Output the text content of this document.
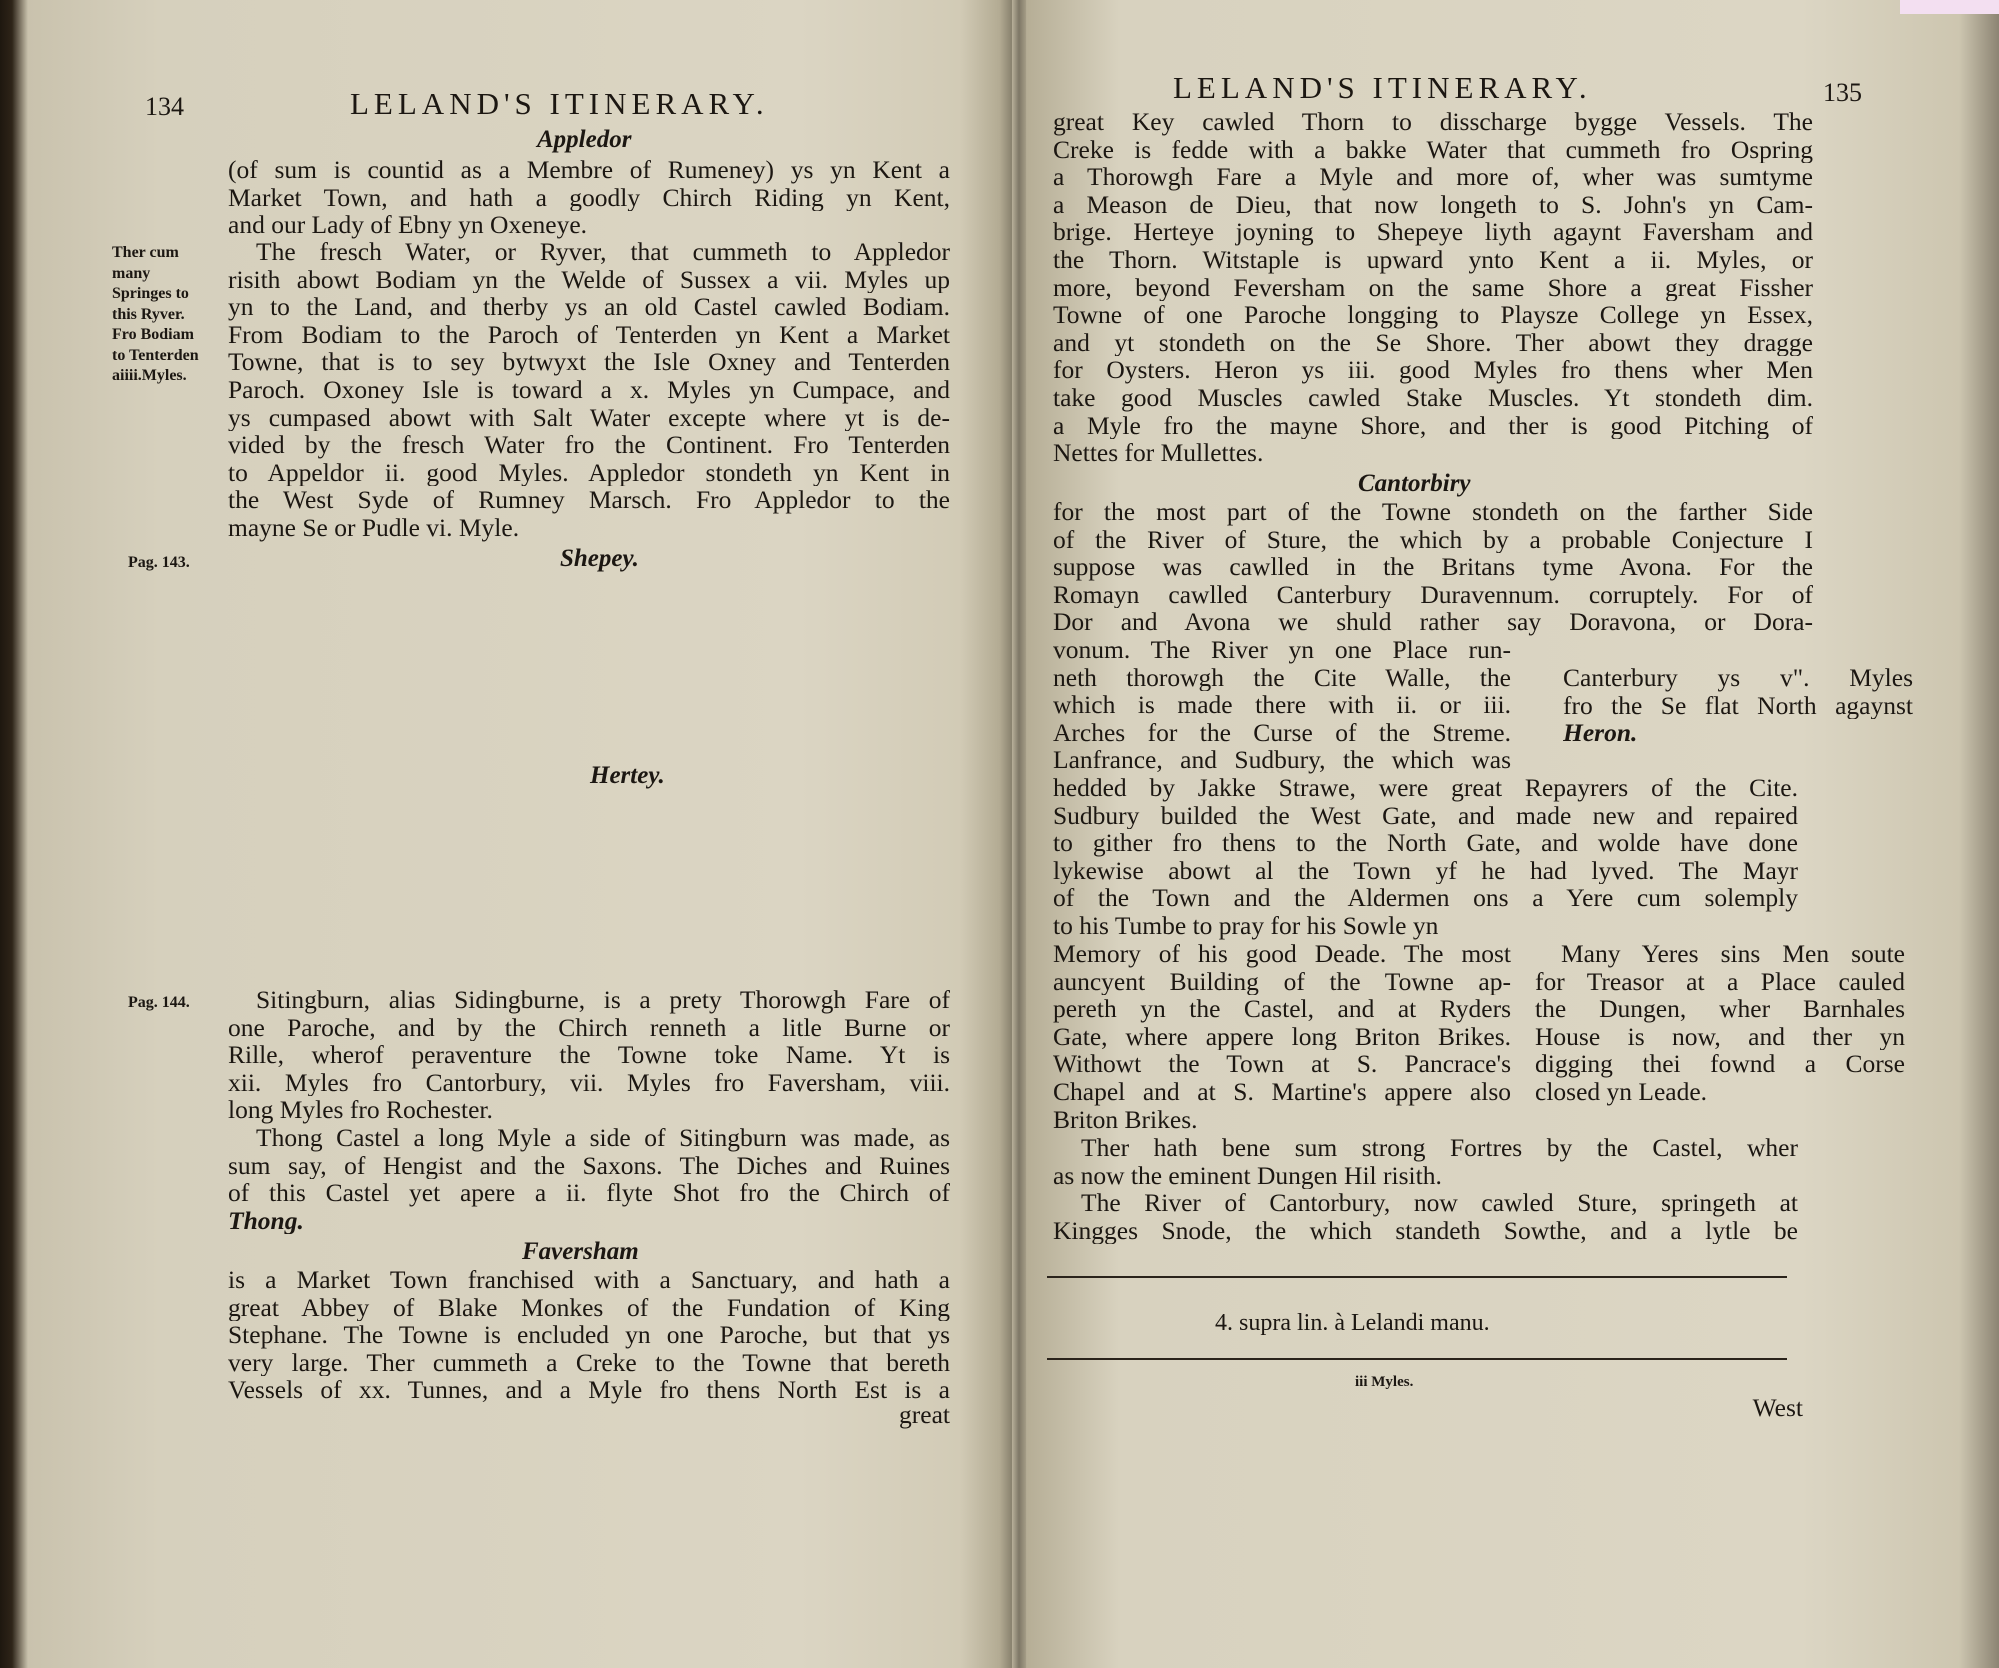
134	LELAND'S ITINERARY.
Appledor
(of sum is countid as a Membre of Rumeney) ys yn Kent a
Market Town, and hath a goodly Chirch Riding yn Kent,
and our Lady of Ebny yn Oxeneye.
Ther cum
many
Springes to
this Ryver.
Fro Bodiam
to Tenterden
aiiii.Myles.
The fresch Water, or Ryver, that cummeth to Appledor
risith abowt Bodiam yn the Welde of Sussex a vii. Myles up
yn to the Land, and therby ys an old Castel cawled Bodiam.
From Bodiam to the Paroch of Tenterden yn Kent a Market
Towne, that is to sey bytwyxt the Isle Oxney and Tenterden
Paroch. Oxoney Isle is toward a x. Myles yn Cumpace, and
ys cumpased abowt with Salt Water excepte where yt is de-
vided by the fresch Water fro the Continent. Fro Tenterden
to Appeldor ii. good Myles. Appledor stondeth yn Kent in
the West Syde of Rumney Marsch. Fro Appledor to the
mayne Se or Pudle vi. Myle.
Pag. 143.	Shepey.
Hertey.
Pag. 144.	Sitingburn, alias Sidingburne, is a prety Thorowgh Fare of
one Paroche, and by the Chirch renneth a litle Burne or
Rille, wherof peraventure the Towne toke Name. Yt is
xii. Myles fro Cantorbury, vii. Myles fro Faversham, viii.
long Myles fro Rochester.
Thong Castel a long Myle a side of Sitingburn was made, as
sum say, of Hengist and the Saxons. The Diches and Ruines
of this Castel yet apere a ii. flyte Shot fro the Chirch of
Thong.
Faversham
is a Market Town franchised with a Sanctuary, and hath a
great Abbey of Blake Monkes of the Fundation of King
Stephane. The Towne is encluded yn one Paroche, but that ys
very large. Ther cummeth a Creke to the Towne that bereth
Vessels of xx. Tunnes, and a Myle fro thens North Est is a
great
LELAND'S ITINERARY.	135
great Key cawled Thorn to disscharge bygge Vessels. The
Creke is fedde with a bakke Water that cummeth fro Ospring
a Thorowgh Fare a Myle and more of, wher was sumtyme
a Meason de Dieu, that now longeth to S. John's yn Cam-
brige. Herteye joyning to Shepeye liyth agaynt Faversham and
the Thorn. Witstaple is upward ynto Kent a ii. Myles, or
more, beyond Feversham on the same Shore a great Fissher
Towne of one Paroche longging to Playsze College yn Essex,
and yt stondeth on the Se Shore. Ther abowt they dragge
for Oysters. Heron ys iii. good Myles fro thens wher Men
take good Muscles cawled Stake Muscles. Yt stondeth dim.
a Myle fro the mayne Shore, and ther is good Pitching of
Nettes for Mullettes.
Cantorbiry
for the most part of the Towne stondeth on the farther Side
of the River of Sture, the which by a probable Conjecture I
suppose was cawlled in the Britans tyme Avona. For the
Romayn cawlled Canterbury Duravennum. corruptely. For of
Dor and Avona we shuld rather say Doravona, or Dora-
vonum. The River yn one Place run-
neth thorowgh the Cite Walle, the
which is made there with ii. or iii.
Arches for the Curse of the Streme.
Lanfrance, and Sudbury, the which was
Canterbury ys v". Myles
fro the Se flat North agaynst
Heron.
hedded by Jakke Strawe, were great Repayrers of the Cite.
Sudbury builded the West Gate, and made new and repaired
to gither fro thens to the North Gate, and wolde have done
lykewise abowt al the Town yf he had lyved. The Mayr
of the Town and the Aldermen ons a Yere cum solemply
to his Tumbe to pray for his Sowle yn
Memory of his good Deade. The most
auncyent Building of the Towne ap-
pereth yn the Castel, and at Ryders
Gate, where appere long Briton Brikes.
Withowt the Town at S. Pancrace's
Chapel and at S. Martine's appere also
Briton Brikes.
Many Yeres sins Men soute
for Treasor at a Place cauled
the Dungen, wher Barnhales
House is now, and ther yn
digging thei fownd a Corse
closed yn Leade.
Ther hath bene sum strong Fortres by the Castel, wher
as now the eminent Dungen Hil risith.
The River of Cantorbury, now cawled Sture, springeth at
Kingges Snode, the which standeth Sowthe, and a lytle be
4. supra lin. à Lelandi manu.
iii Myles.
West
